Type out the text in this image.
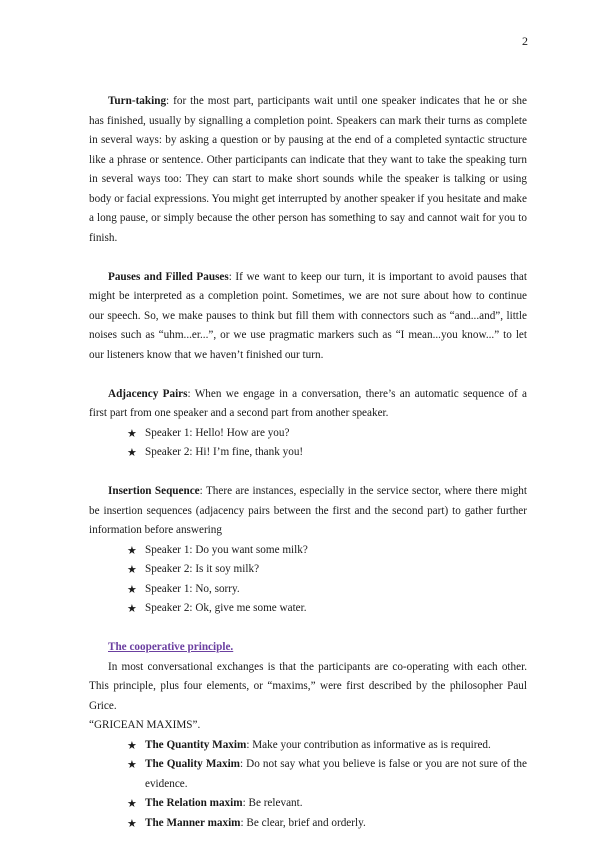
2

Turn-taking: for the most part, participants wait until one speaker indicates that he or she has finished, usually by signalling a completion point. Speakers can mark their turns as complete in several ways: by asking a question or by pausing at the end of a completed syntactic structure like a phrase or sentence. Other participants can indicate that they want to take the speaking turn in several ways too: They can start to make short sounds while the speaker is talking or using body or facial expressions. You might get interrupted by another speaker if you hesitate and make a long pause, or simply because the other person has something to say and cannot wait for you to finish.

Pauses and Filled Pauses: If we want to keep our turn, it is important to avoid pauses that might be interpreted as a completion point. Sometimes, we are not sure about how to continue our speech. So, we make pauses to think but fill them with connectors such as “and...and”, little noises such as “uhm...er...”, or we use pragmatic markers such as “I mean...you know...” to let our listeners know that we haven’t finished our turn.

Adjacency Pairs: When we engage in a conversation, there’s an automatic sequence of a first part from one speaker and a second part from another speaker.

★ Speaker 1: Hello! How are you?
★ Speaker 2: Hi! I’m fine, thank you!

Insertion Sequence: There are instances, especially in the service sector, where there might be insertion sequences (adjacency pairs between the first and the second part) to gather further information before answering

★ Speaker 1: Do you want some milk?
★ Speaker 2: Is it soy milk?
★ Speaker 1: No, sorry.
★ Speaker 2: Ok, give me some water.
The cooperative principle.

In most conversational exchanges is that the participants are co-operating with each other. This principle, plus four elements, or “maxims,” were first described by the philosopher Paul Grice.

“GRICEAN MAXIMS”.

★ The Quantity Maxim: Make your contribution as informative as is required.
★ The Quality Maxim: Do not say what you believe is false or you are not sure of the evidence.
★ The Relation maxim: Be relevant.
★ The Manner maxim: Be clear, brief and orderly.
